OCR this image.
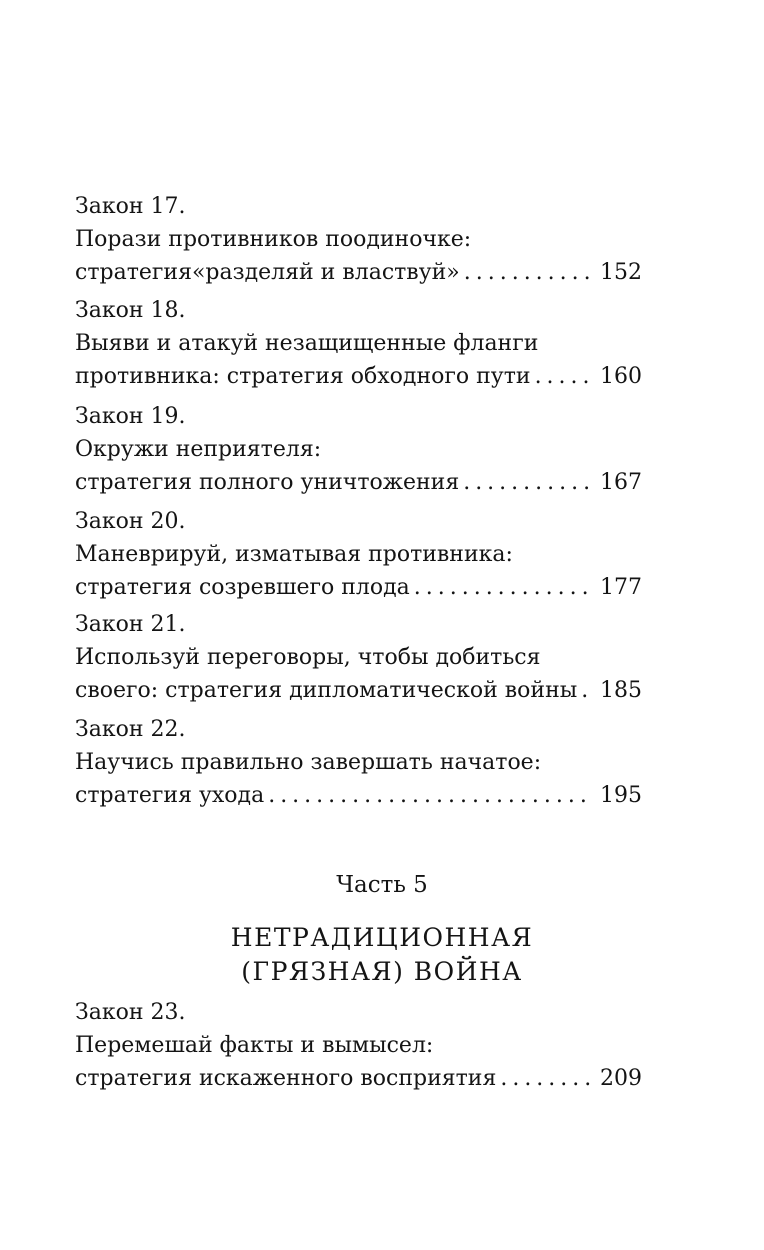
Закон 17.
Порази противников поодиночке:
стратегия«разделяй и властвуй» . . .	152
Закон 18.
Выяви и атакуй незащищенные фланги
противника: стратегия обходного пути . . .	160
Закон 19.
Окружи неприятеля:
стратегия полного уничтожения . . .	167
Закон 20.
Маневрируй, изматывая противника:
стратегия созревшего плода . . .	177
Закон 21.
Используй переговоры, чтобы добиться
своего: стратегия дипломатической войны . . . 185
Закон 22.
Научись правильно завершать начатое:
стратегия ухода . . .	195
Часть 5
НЕТРАДИЦИОННАЯ
(ГРЯЗНАЯ) ВОЙНА
Закон 23.
Перемешай факты и вымысел:
стратегия искаженного восприятия . . .	209
